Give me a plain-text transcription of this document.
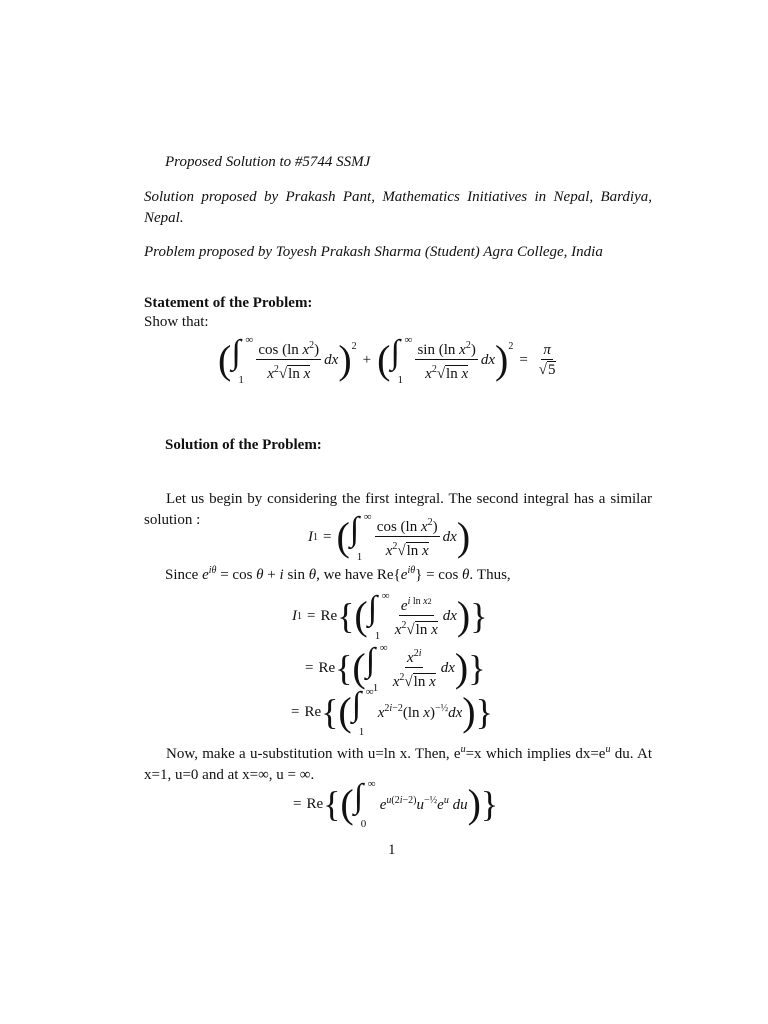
Proposed Solution to #5744 SSMJ
Solution proposed by Prakash Pant, Mathematics Initiatives in Nepal, Bardiya, Nepal.
Problem proposed by Toyesh Prakash Sharma (Student) Agra College, India
Statement of the Problem:
Show that:
( ∫ ∞
$1 \frac{\cos (\ln x^2)}{x^2√\ln x}$ dx )$^2$
+ ( ∫ ∞
$1 \frac{\sin (\ln x^2)}{x^2√\ln x}$ dx )$^2$
= $\frac{\pi}{√5}$
Solution of the Problem:
Let us begin by considering the first integral. The second integral has a similar solution :
I 1 = ( ∫ ∞
$1 \frac{\cos (\ln x^2)}{x^2√\ln x}$ dx )
Since $e^{i\theta} = \cos \theta + i$ sin θ, we have $Re\{e^{i\theta}\} = \cos \theta$. Thus,
I 1 = Re { ( ∫ ∞
$1 \frac{e^i ^{ln} ^{x2}}{x^2√\ln x}$ dx ) }
= Re { ( ∫ ∞
$1 \frac{x^{2i}}{x^2√\ln x}$ dx ) }
= Re { ( ∫ ∞
1
$x^{2i-2}(\ln$ x)$^{-\frac{1}{2}}$dx ) }
Now, make a u-substitution with u=ln x. Then, $e^u=x$ which implies $dx=e^u$ du. At x=1, u=0 and at x=∞, u = ∞.
= Re { ( ∫ ∞
0
$e^{u(2i-2)}u^{-\frac{1}{2}}e^u$ du ) }
1
